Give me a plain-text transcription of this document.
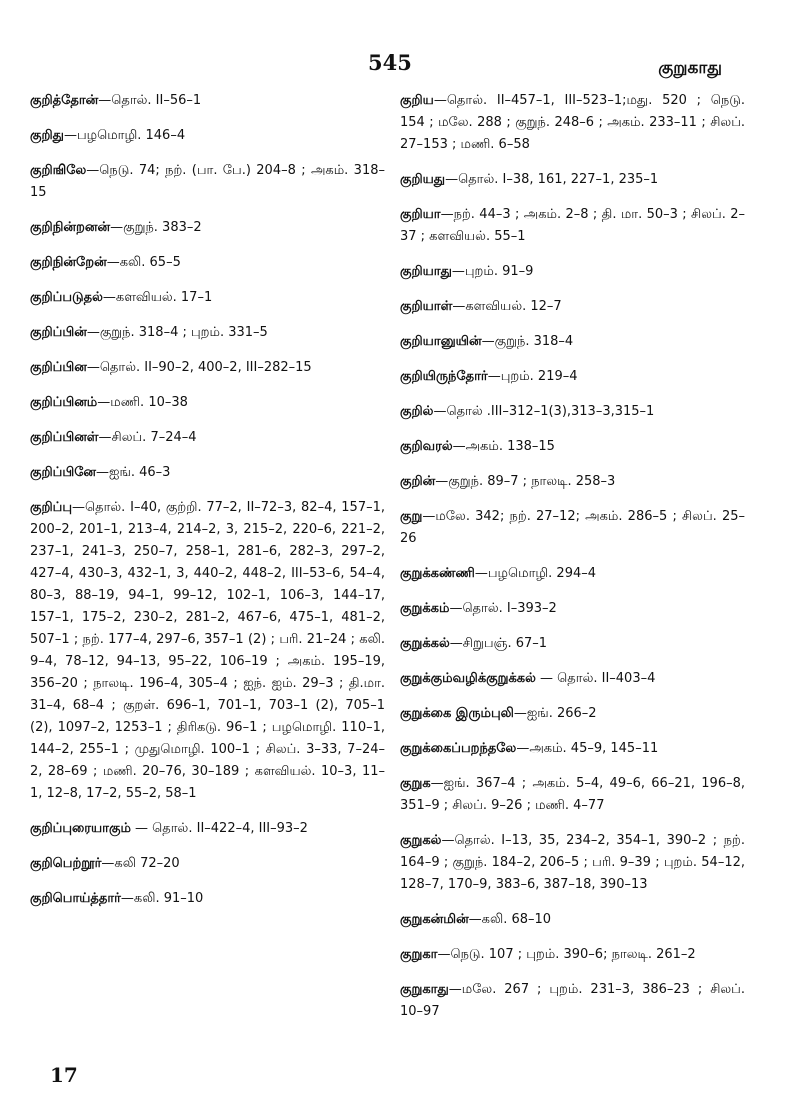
545	குறுகாது
குறித்தோன்—தொல். II–56–1
குறிது—பழமொழி. 146–4
குறிஙிலே—நெடு. 74; நற். (பா. பே.) 204–8 ; அகம். 318–15
குறிநின்றனன்—குறுந். 383–2
குறிநின்றேன்—கலி. 65–5
குறிப்படுதல்—களவியல். 17–1
குறிப்பின்—குறுந். 318–4 ; புறம். 331–5
குறிப்பின—தொல். II–90–2, 400–2, III–282–15
குறிப்பினம்—மணி. 10–38
குறிப்பினள்—சிலப். 7–24–4
குறிப்பினே—ஐங். 46–3
குறிப்பு—தொல். I–40, குற்றி. 77–2, II–72–3, 82–4, 157–1, 200–2, 201–1, 213–4, 214–2, 3, 215–2, 220–6, 221–2, 237–1, 241–3, 250–7, 258–1, 281–6, 282–3, 297–2, 427–4, 430–3, 432–1, 3, 440–2, 448–2, III–53–6, 54–4, 80–3, 88–19, 94–1, 99–12, 102–1, 106–3, 144–17, 157–1, 175–2, 230–2, 281–2, 467–6, 475–1, 481–2, 507–1 ; நற். 177–4, 297–6, 357–1 (2) ; பரி. 21–24 ; கலி. 9–4, 78–12, 94–13, 95–22, 106–19 ; அகம். 195–19, 356–20 ; நாலடி. 196–4, 305–4 ; ஐந். ஐம். 29–3 ; தி.மா. 31–4, 68–4 ; குறள். 696–1, 701–1, 703–1 (2), 705–1 (2), 1097–2, 1253–1 ; திரிகடு. 96–1 ; பழமொழி. 110–1, 144–2, 255–1 ; முதுமொழி. 100–1 ; சிலப். 3–33, 7–24–2, 28–69 ; மணி. 20–76, 30–189 ; களவியல். 10–3, 11–1, 12–8, 17–2, 55–2, 58–1
குறிப்புரையாகும் — தொல். II–422–4, III–93–2
குறிபெற்றூர்—கலி 72–20
குறிபொய்த்தார்—கலி. 91–10
குறிய—தொல். II–457–1, III–523–1;மது. 520 ; நெடு. 154 ; மலே. 288 ; குறுந். 248–6 ; அகம். 233–11 ; சிலப். 27–153 ; மணி. 6–58
குறியது—தொல். I–38, 161, 227–1, 235–1
குறியா—நற். 44–3 ; அகம். 2–8 ; தி. மா. 50–3 ; சிலப். 2–37 ; களவியல். 55–1
குறியாது—புறம். 91–9
குறியாள்—களவியல். 12–7
குறியானுயின்—குறுந். 318–4
குறியிருந்தோர்—புறம். 219–4
குறில்—தொல் .III–312–1(3),313–3,315–1
குறிவரல்—அகம். 138–15
குறின்—குறுந். 89–7 ; நாலடி. 258–3
குறு—மலே. 342; நற். 27–12; அகம். 286–5 ; சிலப். 25–26
குறுக்கண்ணி—பழமொழி. 294–4
குறுக்கம்—தொல். I–393–2
குறுக்கல்—சிறுபஞ். 67–1
குறுக்கும்வழிக்குறுக்கல் — தொல். II–403–4
குறுக்கை இரும்புலி—ஐங். 266–2
குறுக்கைப்பறந்தலே—அகம். 45–9, 145–11
குறுக—ஐங். 367–4 ; அகம். 5–4, 49–6, 66–21, 196–8, 351–9 ; சிலப். 9–26 ; மணி. 4–77
குறுகல்—தொல். I–13, 35, 234–2, 354–1, 390–2 ; நற். 164–9 ; குறுந். 184–2, 206–5 ; பரி. 9–39 ; புறம். 54–12, 128–7, 170–9, 383–6, 387–18, 390–13
குறுகன்மின்—கலி. 68–10
குறுகா—நெடு. 107 ; புறம். 390–6; நாலடி. 261–2
குறுகாது—மலே. 267 ; புறம். 231–3, 386–23 ; சிலப். 10–97
17
